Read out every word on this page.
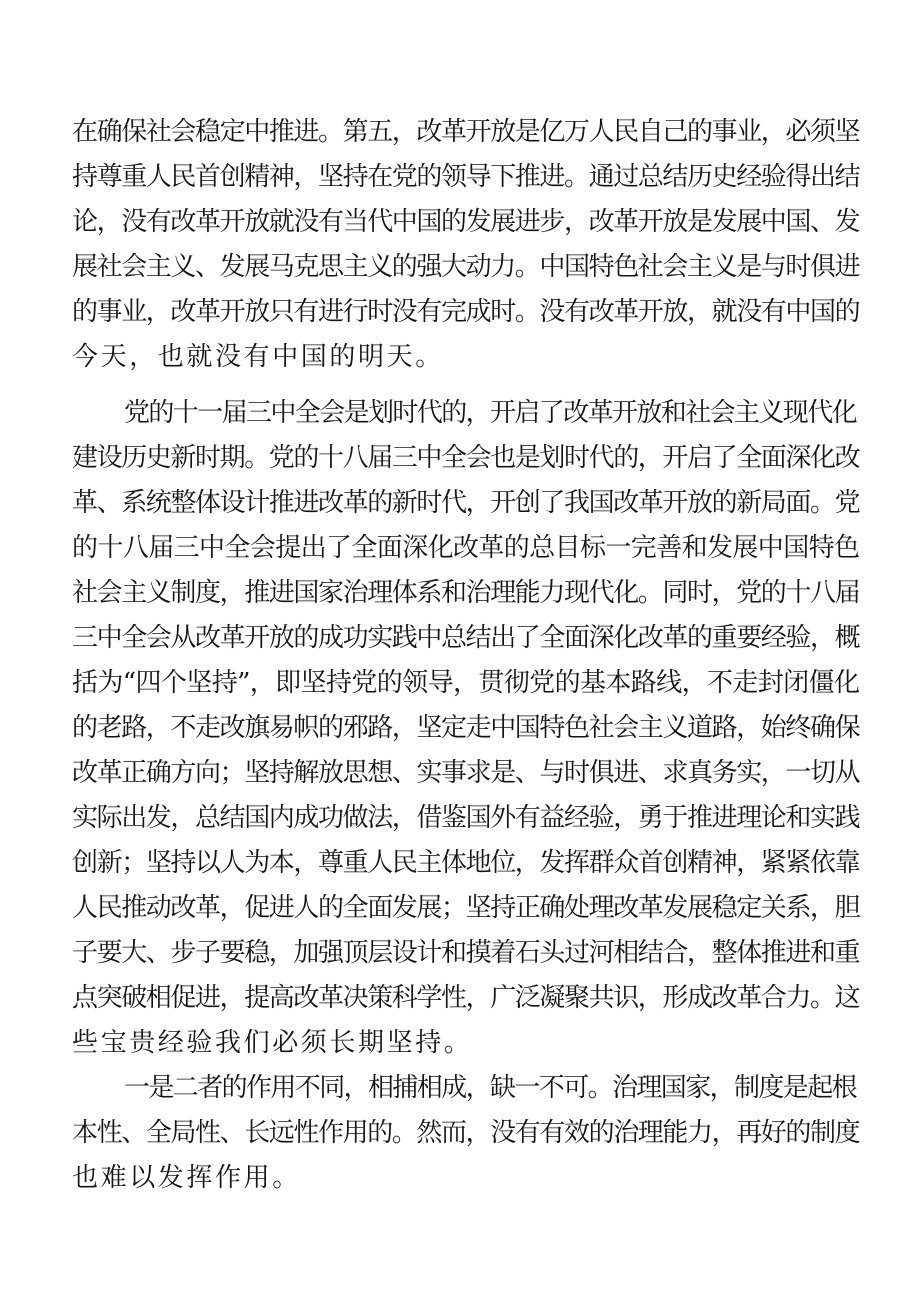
在确保社会稳定中推进。第五，改革开放是亿万人民自己的事业，必须坚
持尊重人民首创精神，坚持在党的领导下推进。通过总结历史经验得出结
论，没有改革开放就没有当代中国的发展进步，改革开放是发展中国、发
展社会主义、发展马克思主义的强大动力。中国特色社会主义是与时俱进
的事业，改革开放只有进行时没有完成时。没有改革开放，就没有中国的
今天，也就没有中国的明天。
党的十一届三中全会是划时代的，开启了改革开放和社会主义现代化
建设历史新时期。党的十八届三中全会也是划时代的，开启了全面深化改
革、系统整体设计推进改革的新时代，开创了我国改革开放的新局面。党
的十八届三中全会提出了全面深化改革的总目标一完善和发展中国特色
社会主义制度，推进国家治理体系和治理能力现代化。同时，党的十八届
三中全会从改革开放的成功实践中总结出了全面深化改革的重要经验，概
括为“四个坚持”，即坚持党的领导，贯彻党的基本路线，不走封闭僵化
的老路，不走改旗易帜的邪路，坚定走中国特色社会主义道路，始终确保
改革正确方向；坚持解放思想、实事求是、与时俱进、求真务实，一切从
实际出发，总结国内成功做法，借鉴国外有益经验，勇于推进理论和实践
创新；坚持以人为本，尊重人民主体地位，发挥群众首创精神，紧紧依靠
人民推动改革，促进人的全面发展；坚持正确处理改革发展稳定关系，胆
子要大、步子要稳，加强顶层设计和摸着石头过河相结合，整体推进和重
点突破相促进，提高改革决策科学性，广泛凝聚共识，形成改革合力。这
些宝贵经验我们必须长期坚持。
一是二者的作用不同，相捕相成，缺一不可。治理国家，制度是起根
本性、全局性、长远性作用的。然而，没有有效的治理能力，再好的制度
也难以发挥作用。
